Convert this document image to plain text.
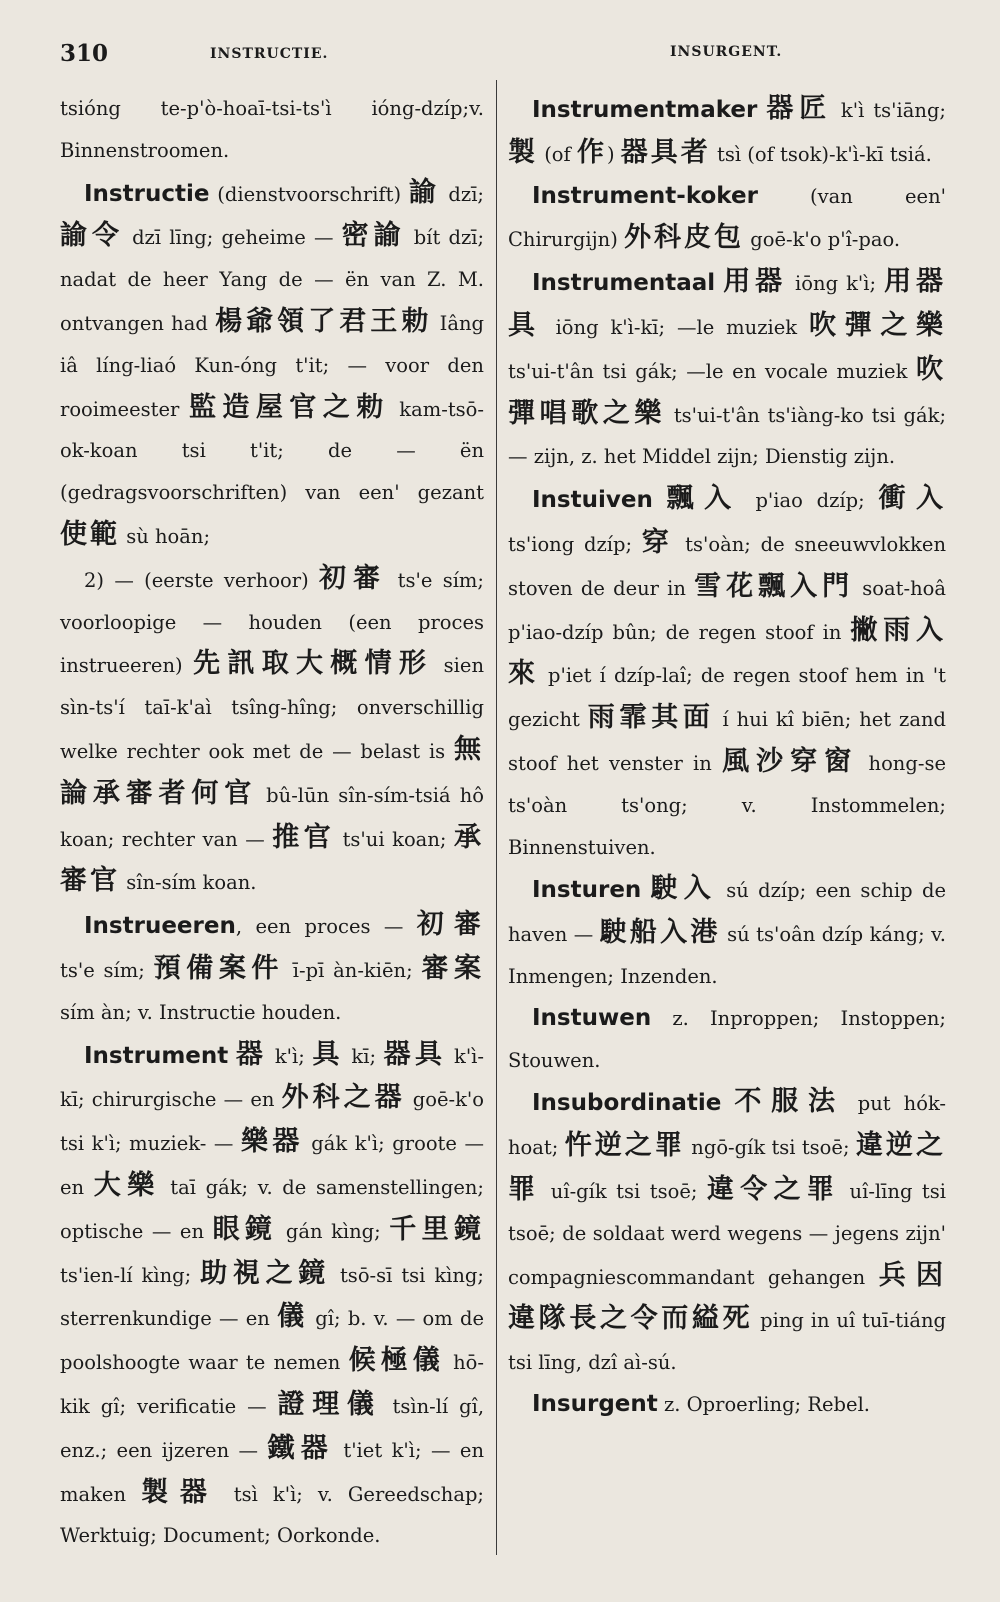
310	INSTRUCTIE.	INSURGENT.

tsióng te-p'ò-hoaī-tsi-ts'ì ióng-dzíp;v. Binnenstroomen.

Instructie (dienstvoorschrift) 諭 dzī; 諭令 dzī līng; geheime — 密諭 bít dzī; nadat de heer Yang de — ën van Z. M. ontvangen had 楊爺領了君王勅 Iâng iâ líng-liaó Kun-óng t'it; — voor den rooimeester 監造屋官之勅 kam-tsō-ok-koan tsi t'it; de — ën (gedragsvoorschriften) van een' gezant 使範 sù hoān;

2) — (eerste verhoor) 初審 ts'e sím; voorloopige — houden (een proces instrueeren) 先訊取大概情形 sien sìn-ts'í taī-k'aì tsîng-hîng; onverschillig welke rechter ook met de — belast is 無論承審者何官 bû-lūn sîn-sím-tsiá hô koan; rechter van — 推官 ts'ui koan; 承審官 sîn-sím koan.

Instrueeren, een proces — 初審 ts'e sím; 預備案件 ī-pī àn-kiēn; 審案 sím àn; v. Instructie houden.

Instrument 器 k'ì; 具 kī; 器具 k'ì-kī; chirurgische — en 外科之器 goē-k'o tsi k'ì; muziek- — 樂器 gák k'ì; groote — en 大樂 taī gák; v. de samenstellingen; optische — en 眼鏡 gán kìng; 千里鏡 ts'ien-lí kìng; 助視之鏡 tsō-sī tsi kìng; sterrenkundige — en 儀 gî; b. v. — om de poolshoogte waar te nemen 候極儀 hō-kik gî; verificatie — 證理儀 tsìn-lí gî, enz.; een ijzeren — 鐵器 t'iet k'ì; — en maken 製器 tsì k'ì; v. Gereedschap; Werktuig; Document; Oorkonde.

Instrumentmaker 器匠 k'ì ts'iāng; 製 (of 作) 器具者 tsì (of tsok)-k'ì-kī tsiá.

Instrument-koker (van een' Chirurgijn) 外科皮包 goē-k'o p'î-pao.

Instrumentaal 用器 iōng k'ì; 用器具 iōng k'ì-kī; —le muziek 吹彈之樂 ts'ui-t'ân tsi gák; —le en vocale muziek 吹彈唱歌之樂 ts'ui-t'ân ts'iàng-ko tsi gák; — zijn, z. het Middel zijn; Dienstig zijn.

Instuiven 飄入 p'iao dzíp; 衝入 ts'iong dzíp; 穿 ts'oàn; de sneeuwvlokken stoven de deur in 雪花飄入門 soat-hoâ p'iao-dzíp bûn; de regen stoof in 撇雨入來 p'iet í dzíp-laî; de regen stoof hem in 't gezicht 雨霏其面 í hui kî biēn; het zand stoof het venster in 風沙穿窗 hong-se ts'oàn ts'ong; v. Instommelen; Binnenstuiven.

Insturen 駛入 sú dzíp; een schip de haven — 駛船入港 sú ts'oân dzíp káng; v. Inmengen; Inzenden.

Instuwen z. Inproppen; Instoppen; Stouwen.

Insubordinatie 不服法 put hók-hoat; 忤逆之罪 ngō-gík tsi tsoē; 違逆之罪 uî-gík tsi tsoē; 違令之罪 uî-līng tsi tsoē; de soldaat werd wegens — jegens zijn' compagniescommandant gehangen 兵因違隊長之令而縊死 ping in uî tuī-tiáng tsi līng, dzî aì-sú.

Insurgent z. Oproerling; Rebel.
